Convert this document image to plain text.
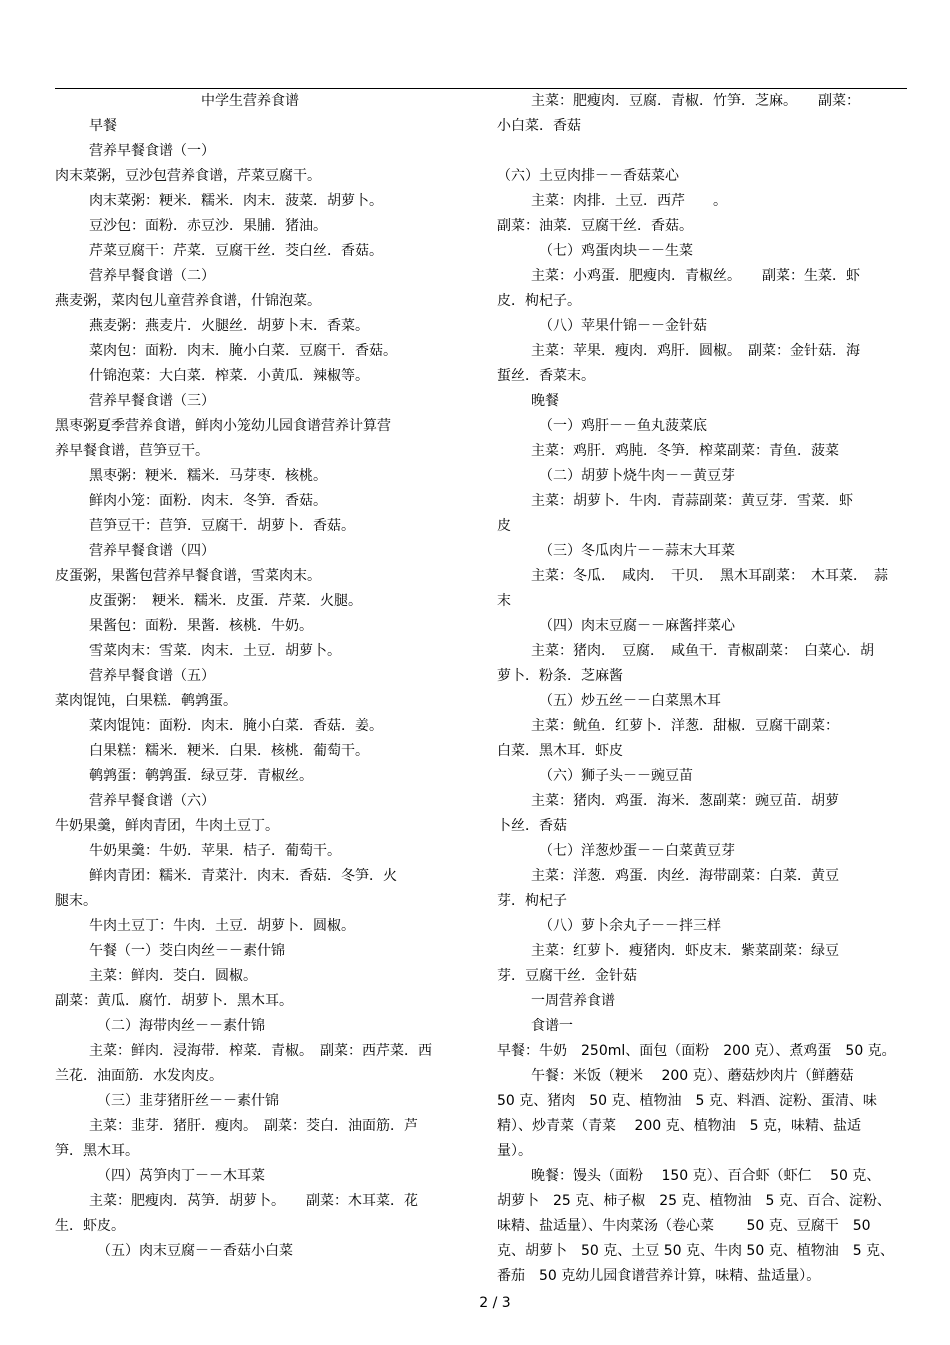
中学生营养食谱
早餐
营养早餐食谱（一）
肉末菜粥，豆沙包营养食谱，芹菜豆腐干。
肉末菜粥：粳米．糯米．肉末．菠菜．胡萝卜。
豆沙包：面粉．赤豆沙．果脯．猪油。
芹菜豆腐干：芹菜．豆腐干丝．茭白丝．香菇。
营养早餐食谱（二）
燕麦粥，菜肉包儿童营养食谱，什锦泡菜。
燕麦粥：燕麦片．火腿丝．胡萝卜末．香菜。
菜肉包：面粉．肉末．腌小白菜．豆腐干．香菇。
什锦泡菜：大白菜．榨菜．小黄瓜．辣椒等。
营养早餐食谱（三）
黑枣粥夏季营养食谱，鲜肉小笼幼儿园食谱营养计算营
养早餐食谱，苣笋豆干。
黑枣粥：粳米．糯米．马芽枣．核桃。
鲜肉小笼：面粉．肉末．冬笋．香菇。
苣笋豆干：苣笋．豆腐干．胡萝卜．香菇。
营养早餐食谱（四）
皮蛋粥，果酱包营养早餐食谱，雪菜肉末。
皮蛋粥：　粳米．糯米．皮蛋．芹菜．火腿。
果酱包：面粉．果酱．核桃．牛奶。
雪菜肉末：雪菜．肉末．土豆．胡萝卜。
营养早餐食谱（五）
菜肉馄饨，白果糕．鹌鹑蛋。
菜肉馄饨：面粉．肉末．腌小白菜．香菇．姜。
白果糕：糯米．粳米．白果．核桃．葡萄干。
鹌鹑蛋：鹌鹑蛋．绿豆芽．青椒丝。
营养早餐食谱（六）
牛奶果羹，鲜肉青团，牛肉土豆丁。
牛奶果羹：牛奶．苹果．桔子．葡萄干。
鲜肉青团：糯米．青菜汁．肉末．香菇．冬笋．火
腿末。
牛肉土豆丁：牛肉．土豆．胡萝卜．圆椒。
午餐（一）茭白肉丝－－素什锦
主菜：鲜肉．茭白．圆椒。
副菜：黄瓜．腐竹．胡萝卜．黑木耳。
（二）海带肉丝－－素什锦
主菜：鲜肉．浸海带．榨菜．青椒。　副菜：西芹菜．西
兰花．油面筋．水发肉皮。
（三）韭芽猪肝丝－－素什锦
主菜：韭芽．猪肝．瘦肉。　副菜：茭白．油面筋．芦
笋．黑木耳。
（四）莴笋肉丁－－木耳菜
主菜：肥瘦肉．莴笋．胡萝卜。　　副菜：木耳菜．花
生．虾皮。
（五）肉末豆腐－－香菇小白菜
主菜：肥瘦肉．豆腐．青椒．竹笋．芝麻。　　副菜：
小白菜．香菇
（六）土豆肉排－－香菇菜心
主菜：肉排．土豆．西芹　　。
副菜：油菜．豆腐干丝．香菇。
（七）鸡蛋肉块－－生菜
主菜：小鸡蛋．肥瘦肉．青椒丝。　　副菜：生菜．虾
皮．枸杞子。
（八）苹果什锦－－金针菇
主菜：苹果．瘦肉．鸡肝．圆椒。　副菜：金针菇．海
蜇丝．香菜末。
晚餐
（一）鸡肝－－鱼丸菠菜底
主菜：鸡肝．鸡肫．冬笋．榨菜副菜：青鱼．菠菜
（二）胡萝卜烧牛肉－－黄豆芽
主菜：胡萝卜．牛肉．青蒜副菜：黄豆芽．雪菜．虾
皮
（三）冬瓜肉片－－蒜末大耳菜
主菜：冬瓜．　咸肉．　干贝．　黑木耳副菜：　木耳菜．　蒜
末
（四）肉末豆腐－－麻酱拌菜心
主菜：猪肉．　豆腐．　咸鱼干．青椒副菜：　白菜心．胡
萝卜．粉条．芝麻酱
（五）炒五丝－－白菜黑木耳
主菜：鱿鱼．红萝卜．洋葱．甜椒．豆腐干副菜：
白菜．黑木耳．虾皮
（六）狮子头－－豌豆苗
主菜：猪肉．鸡蛋．海米．葱副菜：豌豆苗．胡萝
卜丝．香菇
（七）洋葱炒蛋－－白菜黄豆芽
主菜：洋葱．鸡蛋．肉丝．海带副菜：白菜．黄豆
芽．枸杞子
（八）萝卜余丸子－－拌三样
主菜：红萝卜．瘦猪肉．虾皮末．紫菜副菜：绿豆
芽．豆腐干丝．金针菇
一周营养食谱
食谱一
早餐：牛奶　250ml、面包（面粉　200 克）、煮鸡蛋　50 克。
午餐：米饭（粳米　 200 克）、蘑菇炒肉片（鲜蘑菇
50 克、猪肉　50 克、植物油　5 克、料酒、淀粉、蛋清、味
精）、炒青菜（青菜　 200 克、植物油　5 克，味精、盐适
量）。
晚餐：馒头（面粉　 150 克）、百合虾（虾仁　 50 克、
胡萝卜　25 克、柿子椒　25 克、植物油　5 克、百合、淀粉、
味精、盐适量）、牛肉菜汤（卷心菜　　 50 克、豆腐干　50
克、胡萝卜　50 克、土豆 50 克、牛肉 50 克、植物油　5 克、
番茄　50 克幼儿园食谱营养计算，味精、盐适量）。
2 / 3
